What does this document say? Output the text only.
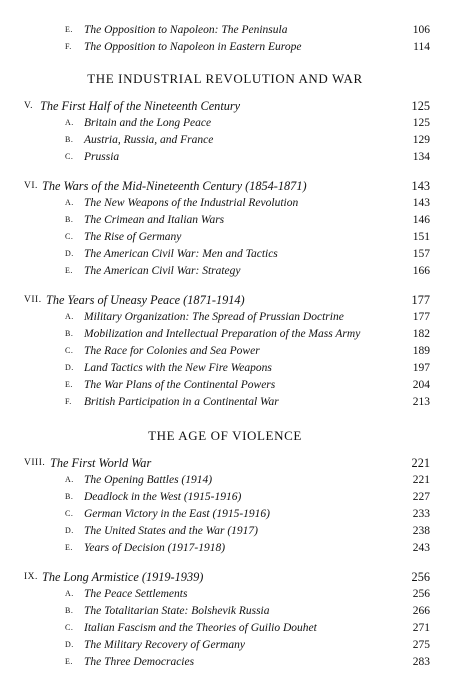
E. The Opposition to Napoleon: The Peninsula	106
F. The Opposition to Napoleon in Eastern Europe	114
THE INDUSTRIAL REVOLUTION AND WAR
V. The First Half of the Nineteenth Century	125
A. Britain and the Long Peace	125
B. Austria, Russia, and France	129
C. Prussia	134
VI. The Wars of the Mid-Nineteenth Century (1854-1871)	143
A. The New Weapons of the Industrial Revolution	143
B. The Crimean and Italian Wars	146
C. The Rise of Germany	151
D. The American Civil War: Men and Tactics	157
E. The American Civil War: Strategy	166
VII. The Years of Uneasy Peace (1871-1914)	177
A. Military Organization: The Spread of Prussian Doctrine	177
B. Mobilization and Intellectual Preparation of the Mass Army	182
C. The Race for Colonies and Sea Power	189
D. Land Tactics with the New Fire Weapons	197
E. The War Plans of the Continental Powers	204
F. British Participation in a Continental War	213
THE AGE OF VIOLENCE
VIII. The First World War	221
A. The Opening Battles (1914)	221
B. Deadlock in the West (1915-1916)	227
C. German Victory in the East (1915-1916)	233
D. The United States and the War (1917)	238
E. Years of Decision (1917-1918)	243
IX. The Long Armistice (1919-1939)	256
A. The Peace Settlements	256
B. The Totalitarian State: Bolshevik Russia	266
C. Italian Fascism and the Theories of Guilio Douhet	271
D. The Military Recovery of Germany	275
E. The Three Democracies	283
